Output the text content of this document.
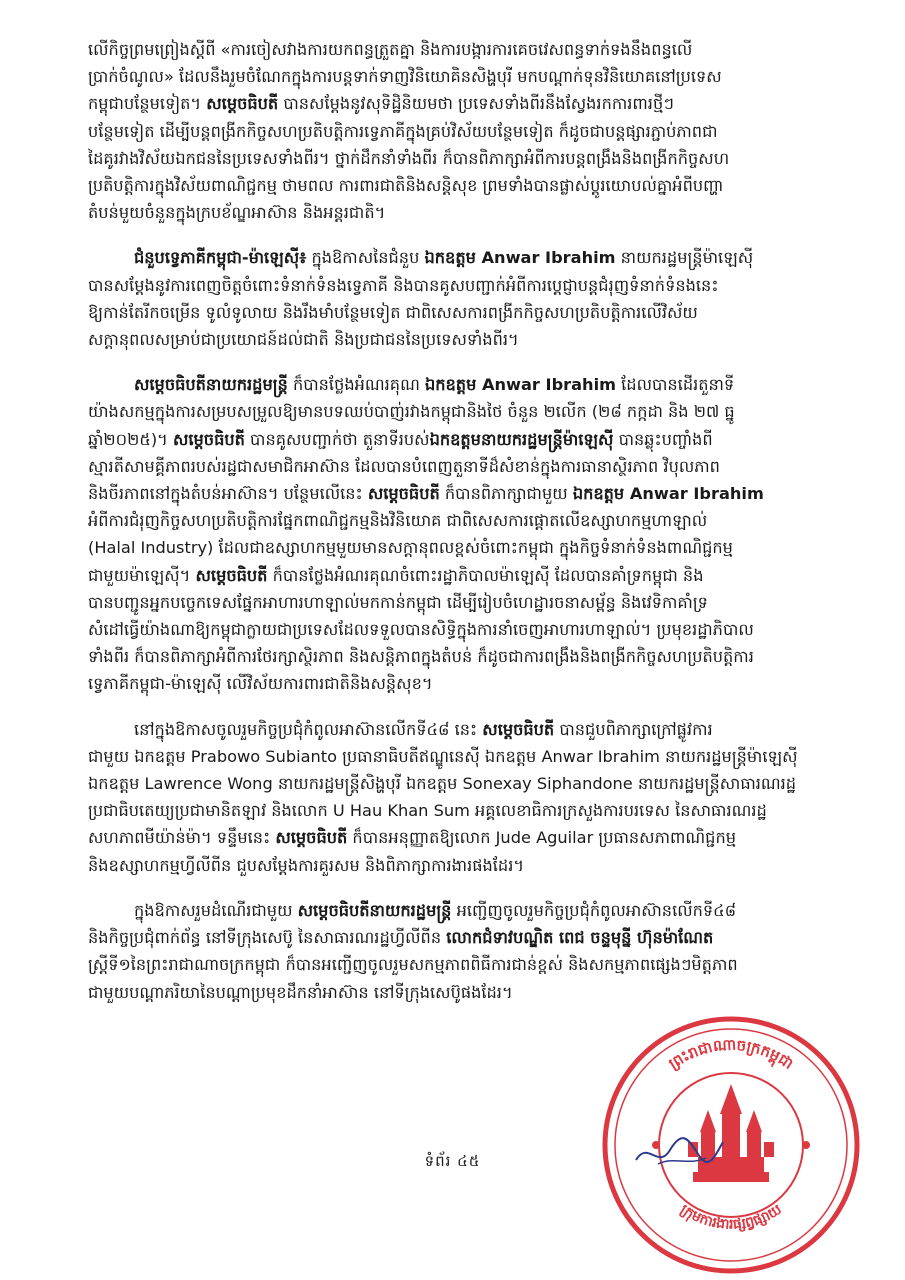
លើកិច្ចព្រមព្រៀងស្តីពី «ការចៀសវាងការយកពន្ធត្រួតគ្នា និងការបង្ការការគេចវេសពន្ធទាក់ទងនឹងពន្ធលើ
ប្រាក់ចំណូល» ដែលនឹងរួមចំណែកក្នុងការបន្តទាក់ទាញវិនិយោគិនសិង្ហបុរី មកបណ្តាក់ទុនវិនិយោគនៅប្រទេស
កម្ពុជាបន្ថែមទៀត។ សម្តេចធិបតី បានសម្តែងនូវសុទិដ្ឋិនិយមថា ប្រទេសទាំងពីរនឹងស្វែងរកការពារថ្មីៗ
បន្ថែមទៀត ដើម្បីបន្តពង្រីកកិច្ចសហប្រតិបត្តិការទ្វេភាគីក្នុងគ្រប់វិស័យបន្ថែមទៀត ក៏ដូចជាបន្តផ្សារភ្ជាប់ភាពជា
ដៃគូរវាងវិស័យឯកជននៃប្រទេសទាំងពីរ។ ថ្នាក់ដឹកនាំទាំងពីរ ក៏បានពិភាក្សាអំពីការបន្តពង្រឹងនិងពង្រីកកិច្ចសហ
ប្រតិបត្តិការក្នុងវិស័យពាណិជ្ជកម្ម ថាមពល ការពារជាតិនិងសន្តិសុខ ព្រមទាំងបានផ្លាស់ប្តូរយោបល់គ្នាអំពីបញ្ហា
តំបន់មួយចំនួនក្នុងក្របខ័ណ្ឌអាស៊ាន និងអន្តរជាតិ។
ជំនួបទ្វេភាគីកម្ពុជា-ម៉ាឡេស៊ី៖ ក្នុងឱកាសនៃជំនួប ឯកឧត្តម Anwar Ibrahim នាយករដ្ឋមន្ត្រីម៉ាឡេស៊ី
បានសម្តែងនូវការពេញចិត្តចំពោះទំនាក់ទំនងទ្វេភាគី និងបានគូសបញ្ជាក់អំពីការប្តេជ្ញាបន្តជំរុញទំនាក់ទំនងនេះ
ឱ្យកាន់តែរីកចម្រើន ទូលំទូលាយ និងរឹងមាំបន្ថែមទៀត ជាពិសេសការពង្រីកកិច្ចសហប្រតិបត្តិការលើវិស័យ
សក្តានុពលសម្រាប់ជាប្រយោជន៍ដល់ជាតិ និងប្រជាជននៃប្រទេសទាំងពីរ។
សម្តេចធិបតីនាយករដ្ឋមន្ត្រី ក៏បានថ្លែងអំណរគុណ ឯកឧត្តម Anwar Ibrahim ដែលបានដើរតួនាទី
យ៉ាងសកម្មក្នុងការសម្របសម្រួលឱ្យមានបទឈប់បាញ់រវាងកម្ពុជានិងថៃ ចំនួន ២លើក (២៨ កក្កដា និង ២៧ ធ្នូ
ឆ្នាំ២០២៥)។ សម្តេចធិបតី បានគូសបញ្ជាក់ថា តួនាទីរបស់ឯកឧត្តមនាយករដ្ឋមន្ត្រីម៉ាឡេស៊ី បានឆ្លុះបញ្ចាំងពី
ស្មារតីសាមគ្គីភាពរបស់រដ្ឋជាសមាជិកអាស៊ាន ដែលបានបំពេញតួនាទីដ៏សំខាន់ក្នុងការធានាស្ថិរភាព វិបុលភាព
និងចីរភាពនៅក្នុងតំបន់អាស៊ាន។ បន្ថែមលើនេះ សម្តេចធិបតី ក៏បានពិភាក្សាជាមួយ ឯកឧត្តម Anwar Ibrahim
អំពីការជំរុញកិច្ចសហប្រតិបត្តិការផ្នែកពាណិជ្ជកម្មនិងវិនិយោគ ជាពិសេសការផ្តោតលើឧស្សាហកម្មហាឡាល់
(Halal Industry) ដែលជាឧស្សាហកម្មមួយមានសក្តានុពលខ្ពស់ចំពោះកម្ពុជា ក្នុងកិច្ចទំនាក់ទំនងពាណិជ្ជកម្ម
ជាមួយម៉ាឡេស៊ី។ សម្តេចធិបតី ក៏បានថ្លែងអំណរគុណចំពោះរដ្ឋាភិបាលម៉ាឡេស៊ី ដែលបានគាំទ្រកម្ពុជា និង
បានបញ្ជូនអ្នកបច្ចេកទេសផ្នែកអាហារហាឡាល់មកកាន់កម្ពុជា ដើម្បីរៀបចំហេដ្ឋារចនាសម្ព័ន្ធ និងវេទិកាគាំទ្រ
សំដៅធ្វើយ៉ាងណាឱ្យកម្ពុជាក្លាយជាប្រទេសដែលទទួលបានសិទ្ធិក្នុងការនាំចេញអាហារហាឡាល់។ ប្រមុខរដ្ឋាភិបាល
ទាំងពីរ ក៏បានពិភាក្សាអំពីការថែរក្សាស្ថិរភាព និងសន្តិភាពក្នុងតំបន់ ក៏ដូចជាការពង្រឹងនិងពង្រីកកិច្ចសហប្រតិបត្តិការ
ទ្វេភាគីកម្ពុជា-ម៉ាឡេស៊ី លើវិស័យការពារជាតិនិងសន្តិសុខ។
នៅក្នុងឱកាសចូលរួមកិច្ចប្រជុំកំពូលអាស៊ានលើកទី៤៨ នេះ សម្តេចធិបតី បានជួបពិភាក្សាក្រៅផ្លូវការ
ជាមួយ ឯកឧត្តម Prabowo Subianto ប្រធានាធិបតីឥណ្ឌូនេស៊ី ឯកឧត្តម Anwar Ibrahim នាយករដ្ឋមន្ត្រីម៉ាឡេស៊ី
ឯកឧត្តម Lawrence Wong នាយករដ្ឋមន្ត្រីសិង្ហបុរី ឯកឧត្តម Sonexay Siphandone នាយករដ្ឋមន្ត្រីសាធារណរដ្ឋ
ប្រជាធិបតេយ្យប្រជាមានិតឡាវ និងលោក U Hau Khan Sum អគ្គលេខាធិការក្រសួងការបរទេស នៃសាធារណរដ្ឋ
សហភាពមីយ៉ាន់ម៉ា។ ទន្ទឹមនេះ សម្តេចធិបតី ក៏បានអនុញ្ញាតឱ្យលោក Jude Aguilar ប្រធានសភាពាណិជ្ជកម្ម
និងឧស្សាហកម្មហ្វីលីពីន ជួបសម្តែងការគួរសម និងពិភាក្សាការងារផងដែរ។
ក្នុងឱកាសរួមដំណើរជាមួយ សម្តេចធិបតីនាយករដ្ឋមន្ត្រី អញ្ជើញចូលរួមកិច្ចប្រជុំកំពូលអាស៊ានលើកទី៤៨
និងកិច្ចប្រជុំពាក់ព័ន្ធ នៅទីក្រុងសេប៊ូ នៃសាធារណរដ្ឋហ្វីលីពីន លោកជំទាវបណ្ឌិត ពេជ ចន្ទមុន្នី ហ៊ុនម៉ាណែត
ស្ត្រីទី១នៃព្រះរាជាណាចក្រកម្ពុជា ក៏បានអញ្ជើញចូលរួមសកម្មភាពពិធីការជាន់ខ្ពស់ និងសកម្មភាពផ្សេងៗមិត្តភាព
ជាមួយបណ្តាភរិយានៃបណ្តាប្រមុខដឹកនាំអាស៊ាន នៅទីក្រុងសេប៊ូផងដែរ។
ទំព័រ ៤៥
ព្រះរាជាណាចក្រកម្ពុជា
ក្រុមការងារផ្សព្វផ្សាយ
